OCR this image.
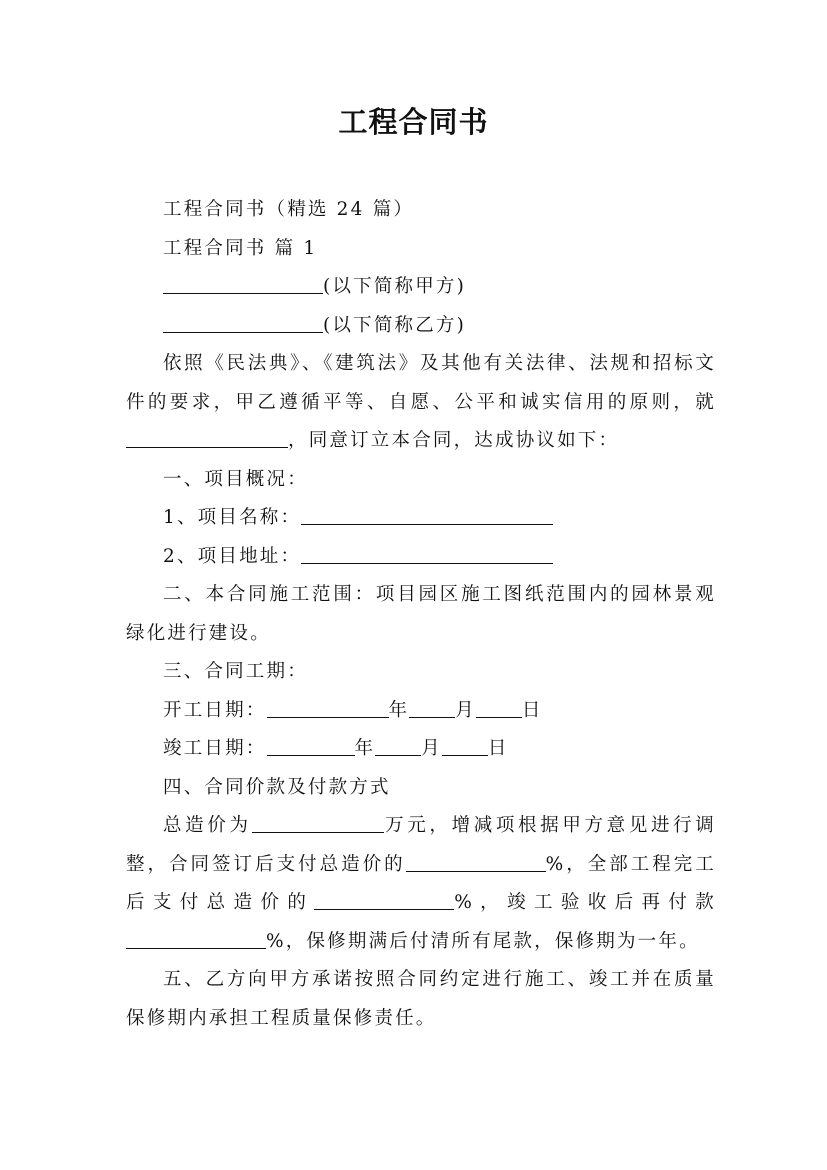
工程合同书

工程合同书（精选 24 篇）

工程合同书 篇 1

(以下简称甲方)

(以下简称乙方)

依照《民法典》、《建筑法》及其他有关法律、法规和招标文件的要求，甲乙遵循平等、自愿、公平和诚实信用的原则，就，同意订立本合同，达成协议如下：

一、项目概况：

1、项目名称：

2、项目地址：

二、本合同施工范围：项目园区施工图纸范围内的园林景观绿化进行建设。

三、合同工期：

开工日期：	年 月 日

竣工日期：	年 月 日

四、合同价款及付款方式

总造价为	万元，增减项根据甲方意见进行调整，合同签订后支付总造价的	%，全部工程完工后支付总造价的	%，竣工验收后再付款%，保修期满后付清所有尾款，保修期为一年。

五、乙方向甲方承诺按照合同约定进行施工、竣工并在质量保修期内承担工程质量保修责任。
